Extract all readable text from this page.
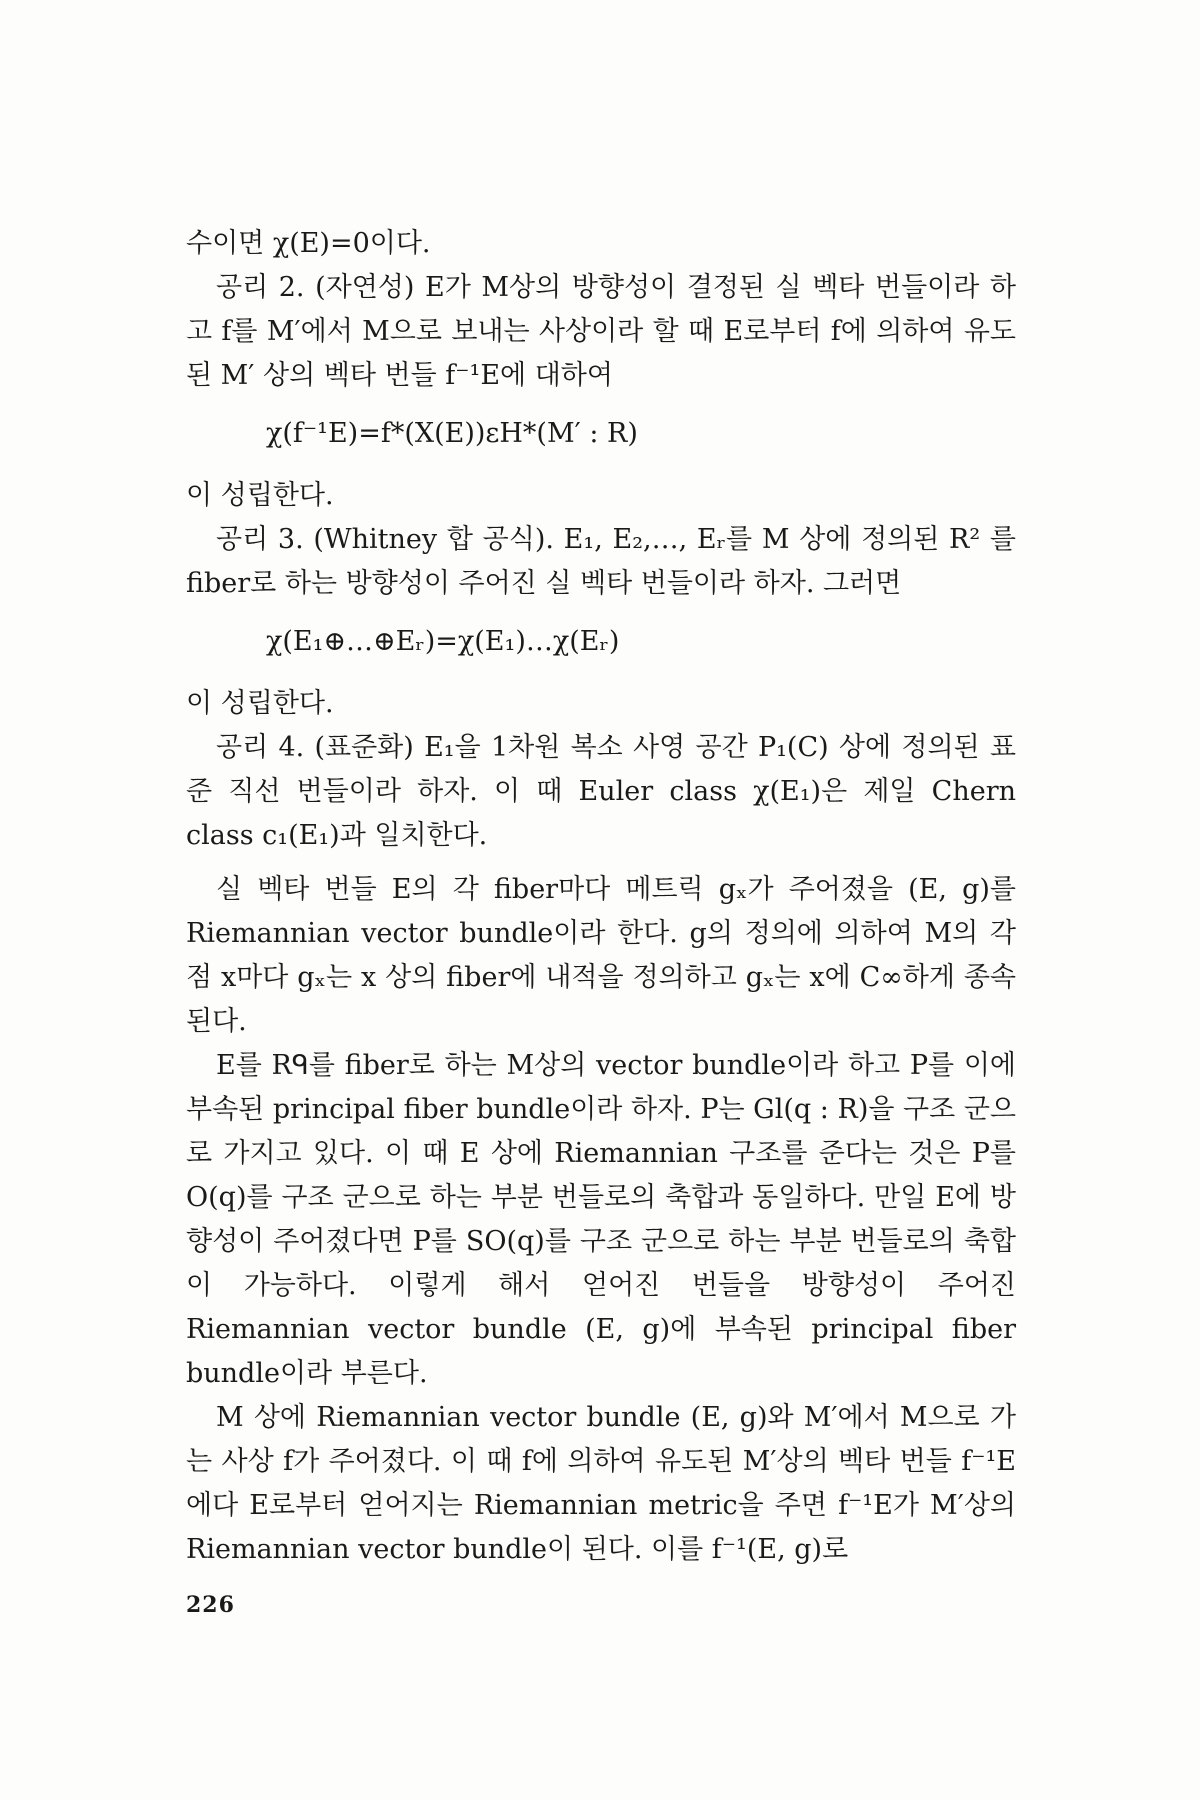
수이면 χ(E)=0이다.

공리 2. (자연성) E가 M상의 방향성이 결정된 실 벡타 번들이라 하고 f를 M′에서 M으로 보내는 사상이라 할 때 E로부터 f에 의하여 유도된 M′ 상의 벡타 번들 f⁻¹E에 대하여

χ(f⁻¹E)=f*(X(E))εH*(M′ : R)

이 성립한다.

공리 3. (Whitney 합 공식). E₁, E₂,…, Eᵣ를 M 상에 정의된 R² 를 fiber로 하는 방향성이 주어진 실 벡타 번들이라 하자. 그러면

χ(E₁⊕…⊕Eᵣ)=χ(E₁)…χ(Eᵣ)

이 성립한다.

공리 4. (표준화) E₁을 1차원 복소 사영 공간 P₁(C) 상에 정의된 표준 직선 번들이라 하자. 이 때 Euler class χ(E₁)은 제일 Chern class c₁(E₁)과 일치한다.

실 벡타 번들 E의 각 fiber마다 메트릭 gₓ가 주어졌을 (E, g)를 Riemannian vector bundle이라 한다. g의 정의에 의하여 M의 각 점 x마다 gₓ는 x 상의 fiber에 내적을 정의하고 gₓ는 x에 C∞하게 종속된다.

E를 Rᑫ를 fiber로 하는 M상의 vector bundle이라 하고 P를 이에 부속된 principal fiber bundle이라 하자. P는 Gl(q : R)을 구조 군으로 가지고 있다. 이 때 E 상에 Riemannian 구조를 준다는 것은 P를 O(q)를 구조 군으로 하는 부분 번들로의 축합과 동일하다. 만일 E에 방향성이 주어졌다면 P를 SO(q)를 구조 군으로 하는 부분 번들로의 축합이 가능하다. 이렇게 해서 얻어진 번들을 방향성이 주어진 Riemannian vector bundle (E, g)에 부속된 principal fiber bundle이라 부른다.

M 상에 Riemannian vector bundle (E, g)와 M′에서 M으로 가는 사상 f가 주어졌다. 이 때 f에 의하여 유도된 M′상의 벡타 번들 f⁻¹E에다 E로부터 얻어지는 Riemannian metric을 주면 f⁻¹E가 M′상의 Riemannian vector bundle이 된다. 이를 f⁻¹(E, g)로

226
